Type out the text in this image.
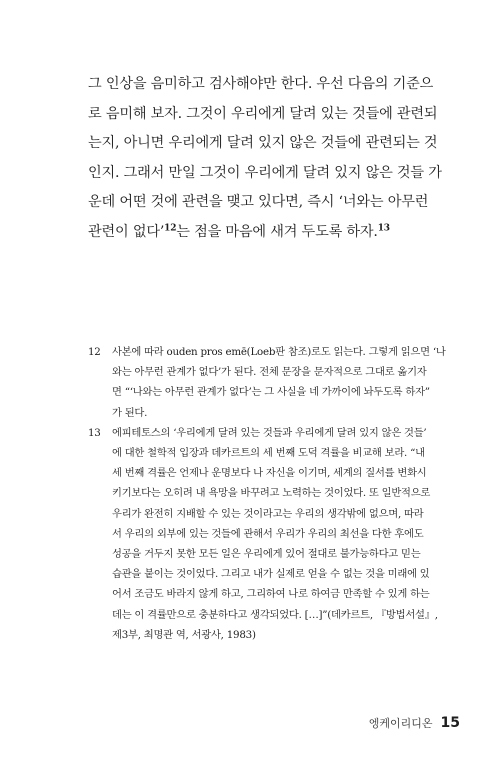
그 인상을 음미하고 검사해야만 한다. 우선 다음의 기준으
로 음미해 보자. 그것이 우리에게 달려 있는 것들에 관련되
는지, 아니면 우리에게 달려 있지 않은 것들에 관련되는 것
인지. 그래서 만일 그것이 우리에게 달려 있지 않은 것들 가
운데 어떤 것에 관련을 맺고 있다면, 즉시 ‘너와는 아무런
관련이 없다’$^{12}$는 점을 마음에 새겨 두도록 하자.$^{13}$
12	사본에 따라 ouden pros emē(Loeb판 참조)로도 읽는다. 그렇게 읽으면 ‘나
와는 아무런 관계가 없다’가 된다. 전체 문장을 문자적으로 그대로 옮기자
면 “‘나와는 아무런 관계가 없다’는 그 사실을 네 가까이에 놔두도록 하자”
가 된다.
13	에피테토스의 ‘우리에게 달려 있는 것들과 우리에게 달려 있지 않은 것들’
에 대한 철학적 입장과 데카르트의 세 번째 도덕 격률을 비교해 보라. “내
세 번째 격률은 언제나 운명보다 나 자신을 이기며, 세계의 질서를 변화시
키기보다는 오히려 내 욕망을 바꾸려고 노력하는 것이었다. 또 일반적으로
우리가 완전히 지배할 수 있는 것이라고는 우리의 생각밖에 없으며, 따라
서 우리의 외부에 있는 것들에 관해서 우리가 우리의 최선을 다한 후에도
성공을 거두지 못한 모든 일은 우리에게 있어 절대로 불가능하다고 믿는
습관을 붙이는 것이었다. 그리고 내가 실제로 얻을 수 없는 것을 미래에 있
어서 조금도 바라지 않게 하고, 그리하여 나로 하여금 만족할 수 있게 하는
데는 이 격률만으로 충분하다고 생각되었다. […]”(데카르트, 『방법서설』,
제3부, 최명관 역, 서광사, 1983)
엥케이리디온 15
